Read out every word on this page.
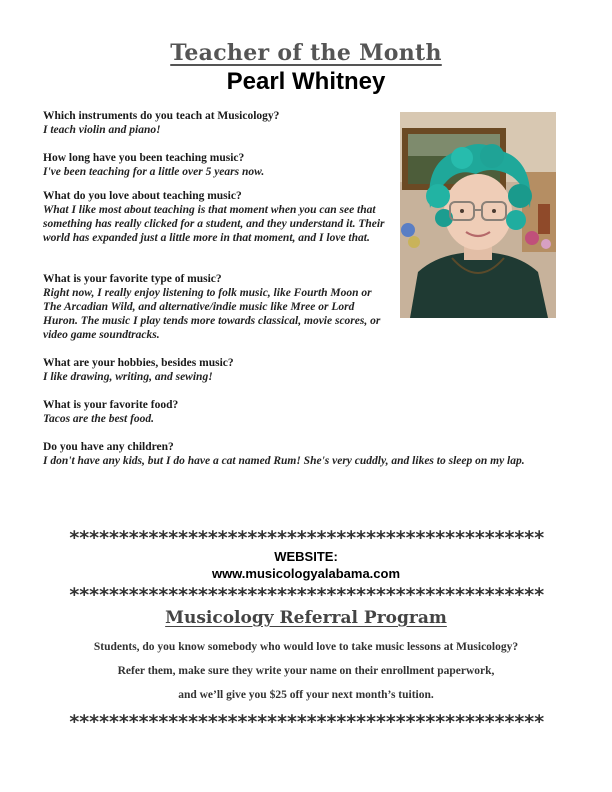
Teacher of the Month
Pearl Whitney
Which instruments do you teach at Musicology?
I teach violin and piano!
How long have you been teaching music?
I've been teaching for a little over 5 years now.
What do you love about teaching music?
What I like most about teaching is that moment when you can see that something has really clicked for a student, and they understand it. Their world has expanded just a little more in that moment, and I love that.
What is your favorite type of music?
Right now, I really enjoy listening to folk music, like Fourth Moon or The Arcadian Wild, and alternative/indie music like Mree or Lord Huron. The music I play tends more towards classical, movie scores, or video game soundtracks.
What are your hobbies, besides music?
I like drawing, writing, and sewing!
What is your favorite food?
Tacos are the best food.
Do you have any children?
I don't have any kids, but I do have a cat named Rum! She's very cuddly, and likes to sleep on my lap.
************************************************
WEBSITE:
www.musicologyalabama.com
************************************************
Musicology Referral Program
Students, do you know somebody who would love to take music lessons at Musicology?
Refer them, make sure they write your name on their enrollment paperwork,
and we’ll give you $25 off your next month’s tuition.
************************************************
